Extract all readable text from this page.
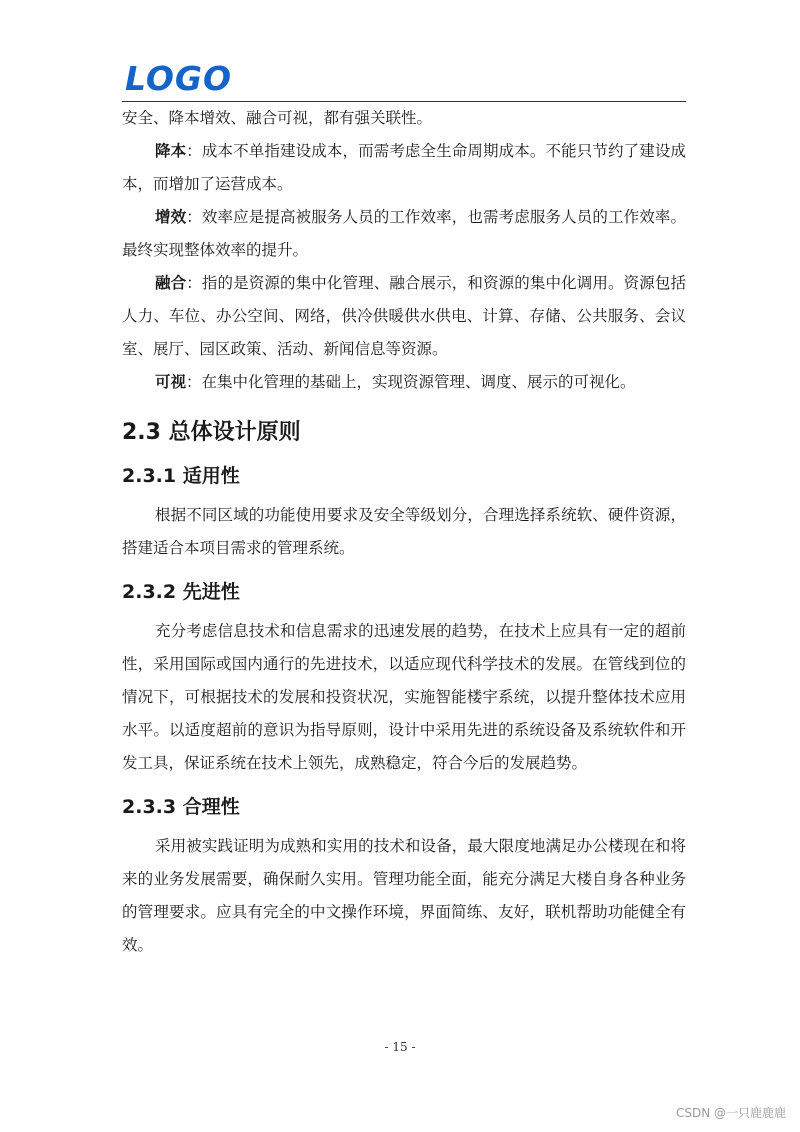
LOGO

安全、降本增效、融合可视，都有强关联性。

降本：成本不单指建设成本，而需考虑全生命周期成本。不能只节约了建设成本，而增加了运营成本。

增效：效率应是提高被服务人员的工作效率，也需考虑服务人员的工作效率。最终实现整体效率的提升。

融合：指的是资源的集中化管理、融合展示，和资源的集中化调用。资源包括人力、车位、办公空间、网络，供冷供暖供水供电、计算、存储、公共服务、会议室、展厅、园区政策、活动、新闻信息等资源。

可视：在集中化管理的基础上，实现资源管理、调度、展示的可视化。

2.3 总体设计原则
2.3.1 适用性

根据不同区域的功能使用要求及安全等级划分，合理选择系统软、硬件资源，搭建适合本项目需求的管理系统。

2.3.2 先进性

充分考虑信息技术和信息需求的迅速发展的趋势，在技术上应具有一定的超前性，采用国际或国内通行的先进技术，以适应现代科学技术的发展。在管线到位的情况下，可根据技术的发展和投资状况，实施智能楼宇系统，以提升整体技术应用水平。以适度超前的意识为指导原则，设计中采用先进的系统设备及系统软件和开发工具，保证系统在技术上领先，成熟稳定，符合今后的发展趋势。

2.3.3 合理性

采用被实践证明为成熟和实用的技术和设备，最大限度地满足办公楼现在和将来的业务发展需要，确保耐久实用。管理功能全面，能充分满足大楼自身各种业务的管理要求。应具有完全的中文操作环境，界面简练、友好，联机帮助功能健全有效。

- 15 -
CSDN @一只鹿鹿鹿
